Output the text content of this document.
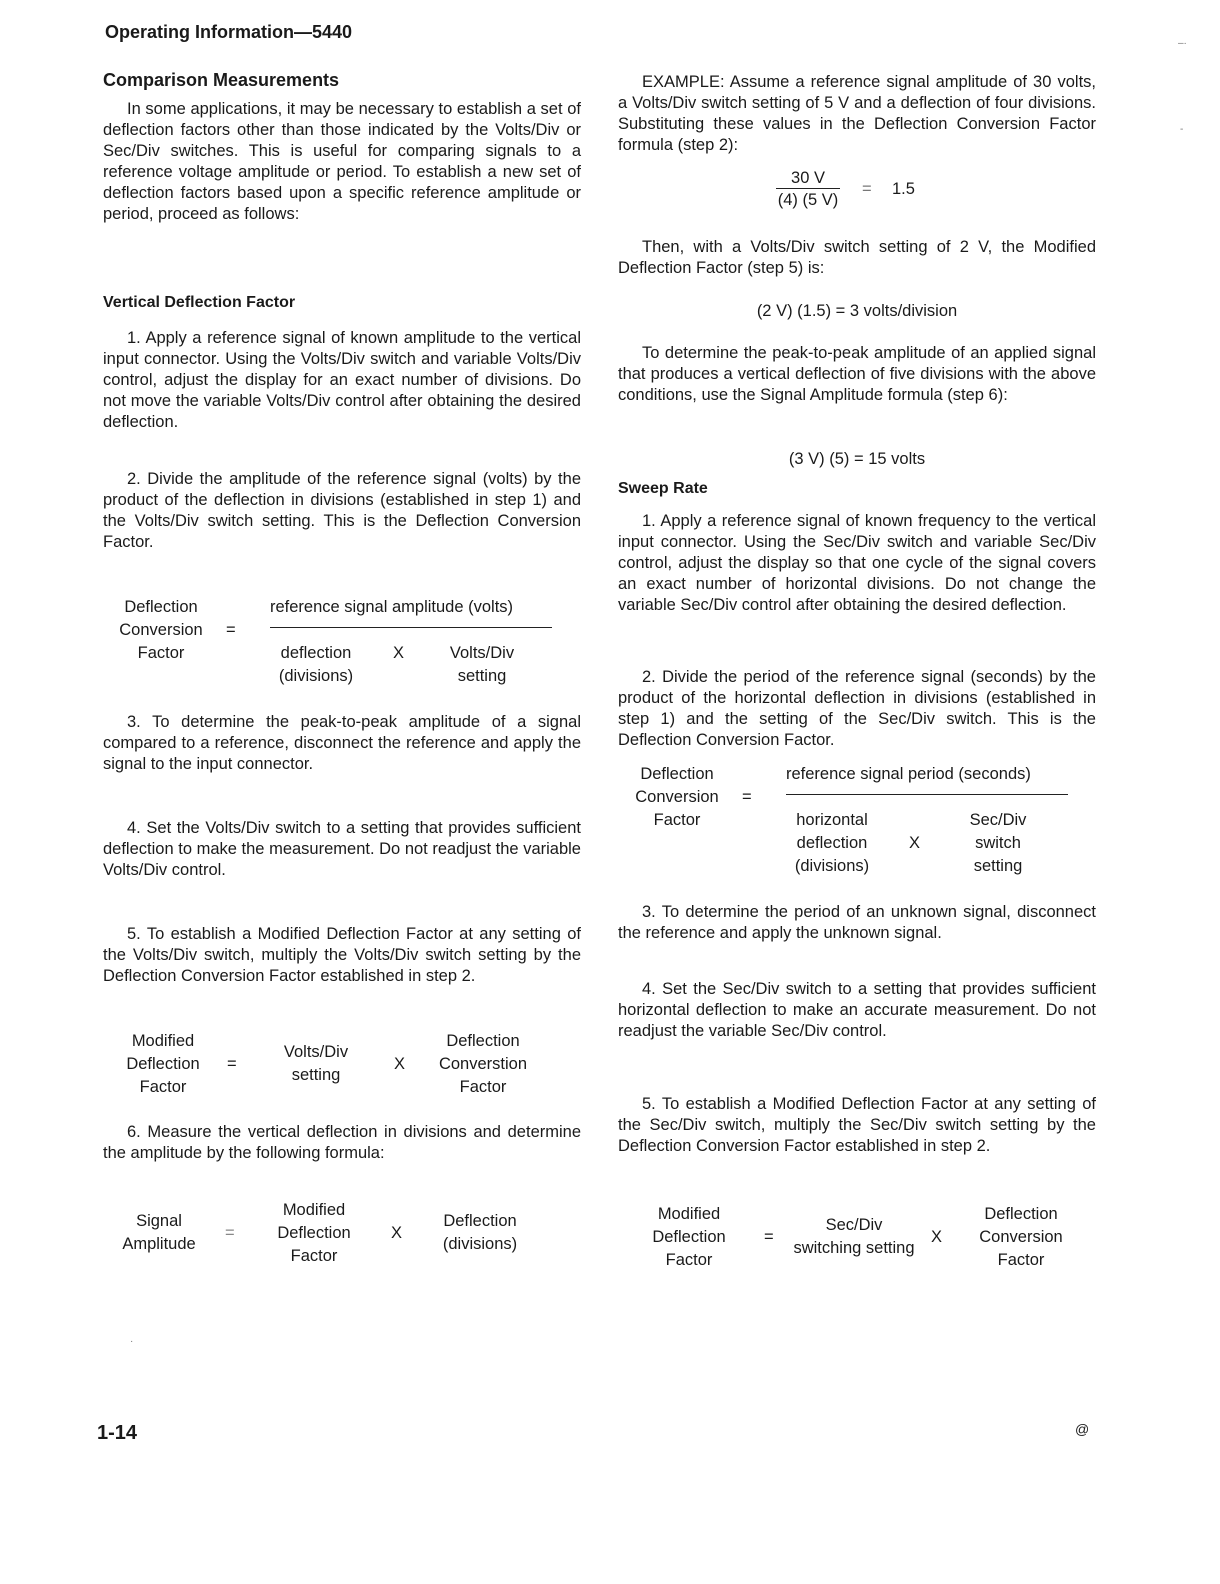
Operating Information—5440
–·
Comparison Measurements

In some applications, it may be necessary to establish a set of deflection factors other than those indicated by the Volts/Div or Sec/Div switches. This is useful for comparing signals to a reference voltage amplitude or period. To establish a new set of deflection factors based upon a specific reference amplitude or period, proceed as follows:

Vertical Deflection Factor

1. Apply a reference signal of known amplitude to the vertical input connector. Using the Volts/Div switch and variable Volts/Div control, adjust the display for an exact number of divisions. Do not move the variable Volts/Div control after obtaining the desired deflection.

2. Divide the amplitude of the reference signal (volts) by the product of the deflection in divisions (established in step 1) and the Volts/Div switch setting. This is the Deflection Conversion Factor.

Deflection
Conversion
Factor
=
reference signal amplitude (volts)
deflection
(divisions)
X	Volts/Div
setting

3. To determine the peak-to-peak amplitude of a signal compared to a reference, disconnect the reference and apply the signal to the input connector.

4. Set the Volts/Div switch to a setting that provides sufficient deflection to make the measurement. Do not readjust the variable Volts/Div control.

5. To establish a Modified Deflection Factor at any setting of the Volts/Div switch, multiply the Volts/Div switch setting by the Deflection Conversion Factor established in step 2.

Modified
Deflection
Factor
=
Volts/Div
setting
X
Deflection
Converstion
Factor

6. Measure the vertical deflection in divisions and determine the amplitude by the following formula:

Signal
Amplitude
=
Modified
Deflection
Factor
X
Deflection
(divisions)

EXAMPLE: Assume a reference signal amplitude of 30 volts, a Volts/Div switch setting of 5 V and a deflection of four divisions. Substituting these values in the Deflection Conversion Factor formula (step 2):

30 V
(4) (5 V)
= 1.5

Then, with a Volts/Div switch setting of 2 V, the Modified Deflection Factor (step 5) is:

(2 V) (1.5) = 3 volts/division

To determine the peak-to-peak amplitude of an applied signal that produces a vertical deflection of five divisions with the above conditions, use the Signal Amplitude formula (step 6):

(3 V) (5) = 15 volts
Sweep Rate

1. Apply a reference signal of known frequency to the vertical input connector. Using the Sec/Div switch and variable Sec/Div control, adjust the display so that one cycle of the signal covers an exact number of horizontal divisions. Do not change the variable Sec/Div control after obtaining the desired deflection.

2. Divide the period of the reference signal (seconds) by the product of the horizontal deflection in divisions (established in step 1) and the setting of the Sec/Div switch. This is the Deflection Conversion Factor.

Deflection
Conversion
Factor
=
reference signal period (seconds)
horizontal
deflection
(divisions)
X
Sec/Div
switch
setting

3. To determine the period of an unknown signal, disconnect the reference and apply the unknown signal.

4. Set the Sec/Div switch to a setting that provides sufficient horizontal deflection to make an accurate measurement. Do not readjust the variable Sec/Div control.

5. To establish a Modified Deflection Factor at any setting of the Sec/Div switch, multiply the Sec/Div switch setting by the Deflection Conversion Factor established in step 2.

Modified
Deflection
Factor
=
Sec/Div
switching setting
X
Deflection
Conversion
Factor
1-14	@
·
-
